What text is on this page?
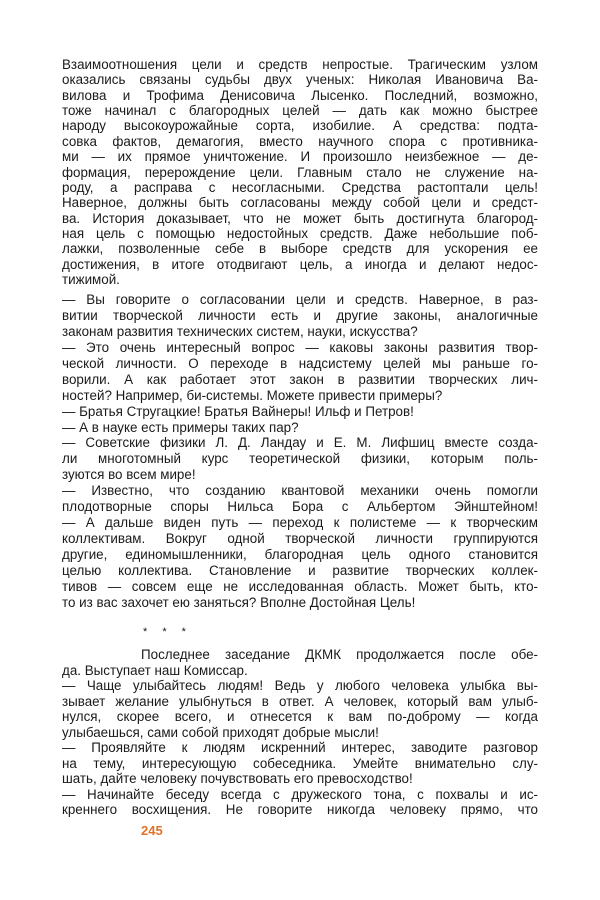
Взаимоотношения цели и средств непростые. Трагическим узлом
оказались связаны судьбы двух ученых: Николая Ивановича Ва-
вилова и Трофима Денисовича Лысенко. Последний, возможно,
тоже начинал с благородных целей — дать как можно быстрее
народу высокоурожайные сорта, изобилие. А средства: подта-
совка фактов, демагогия, вместо научного спора с противника-
ми — их прямое уничтожение. И произошло неизбежное — де-
формация, перерождение цели. Главным стало не служение на-
роду, а расправа с несогласными. Средства растоптали цель!
Наверное, должны быть согласованы между собой цели и средст-
ва. История доказывает, что не может быть достигнута благород-
ная цель с помощью недостойных средств. Даже небольшие поб-
лажки, позволенные себе в выборе средств для ускорения ее
достижения, в итоге отодвигают цель, а иногда и делают недос-
тижимой.
— Вы говорите о согласовании цели и средств. Наверное, в раз-
витии творческой личности есть и другие законы, аналогичные
законам развития технических систем, науки, искусства?
— Это очень интересный вопрос — каковы законы развития твор-
ческой личности. О переходе в надсистему целей мы раньше го-
ворили. А как работает этот закон в развитии творческих лич-
ностей? Например, би-системы. Можете привести примеры?
— Братья Стругацкие! Братья Вайнеры! Ильф и Петров!
— А в науке есть примеры таких пар?
— Советские физики Л. Д. Ландау и Е. М. Лифшиц вместе созда-
ли многотомный курс теоретической физики, которым поль-
зуются во всем мире!
— Известно, что созданию квантовой механики очень помогли
плодотворные споры Нильса Бора с Альбертом Эйнштейном!
— А дальше виден путь — переход к полистеме — к творческим
коллективам. Вокруг одной творческой личности группируются
другие, единомышленники, благородная цель одного становится
целью коллектива. Становление и развитие творческих коллек-
тивов — совсем еще не исследованная область. Может быть, кто-
то из вас захочет ею заняться? Вполне Достойная Цель!
* * *
Последнее заседание ДКМК продолжается после обе-
да. Выступает наш Комиссар.
— Чаще улыбайтесь людям! Ведь у любого человека улыбка вы-
зывает желание улыбнуться в ответ. А человек, который вам улыб-
нулся, скорее всего, и отнесется к вам по-доброму — когда
улыбаешься, сами собой приходят добрые мысли!
— Проявляйте к людям искренний интерес, заводите разговор
на тему, интересующую собеседника. Умейте внимательно слу-
шать, дайте человеку почувствовать его превосходство!
— Начинайте беседу всегда с дружеского тона, с похвалы и ис-
креннего восхищения. Не говорите никогда человеку прямо, что
245
